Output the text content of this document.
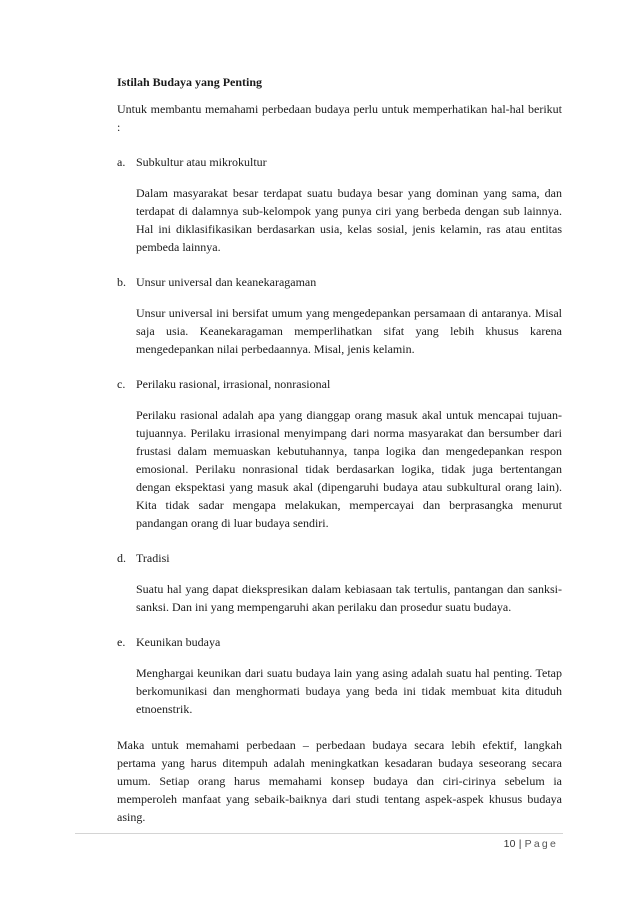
Istilah Budaya yang Penting

Untuk membantu memahami perbedaan budaya perlu untuk memperhatikan hal-hal berikut :

a. Subkultur atau mikrokultur

Dalam masyarakat besar terdapat suatu budaya besar yang dominan yang sama, dan terdapat di dalamnya sub-kelompok yang punya ciri yang berbeda dengan sub lainnya. Hal ini diklasifikasikan berdasarkan usia, kelas sosial, jenis kelamin, ras atau entitas pembeda lainnya.

b. Unsur universal dan keanekaragaman

Unsur universal ini bersifat umum yang mengedepankan persamaan di antaranya. Misal saja usia. Keanekaragaman memperlihatkan sifat yang lebih khusus karena mengedepankan nilai perbedaannya. Misal, jenis kelamin.

c. Perilaku rasional, irrasional, nonrasional

Perilaku rasional adalah apa yang dianggap orang masuk akal untuk mencapai tujuan-tujuannya. Perilaku irrasional menyimpang dari norma masyarakat dan bersumber dari frustasi dalam memuaskan kebutuhannya, tanpa logika dan mengedepankan respon emosional. Perilaku nonrasional tidak berdasarkan logika, tidak juga bertentangan dengan ekspektasi yang masuk akal (dipengaruhi budaya atau subkultural orang lain). Kita tidak sadar mengapa melakukan, mempercayai dan berprasangka menurut pandangan orang di luar budaya sendiri.

d. Tradisi

Suatu hal yang dapat diekspresikan dalam kebiasaan tak tertulis, pantangan dan sanksi-sanksi. Dan ini yang mempengaruhi akan perilaku dan prosedur suatu budaya.

e. Keunikan budaya

Menghargai keunikan dari suatu budaya lain yang asing adalah suatu hal penting. Tetap berkomunikasi dan menghormati budaya yang beda ini tidak membuat kita dituduh etnoenstrik.

Maka untuk memahami perbedaan – perbedaan budaya secara lebih efektif, langkah pertama yang harus ditempuh adalah meningkatkan kesadaran budaya seseorang secara umum. Setiap orang harus memahami konsep budaya dan ciri-cirinya sebelum ia memperoleh manfaat yang sebaik-baiknya dari studi tentang aspek-aspek khusus budaya asing.

10 | Page
